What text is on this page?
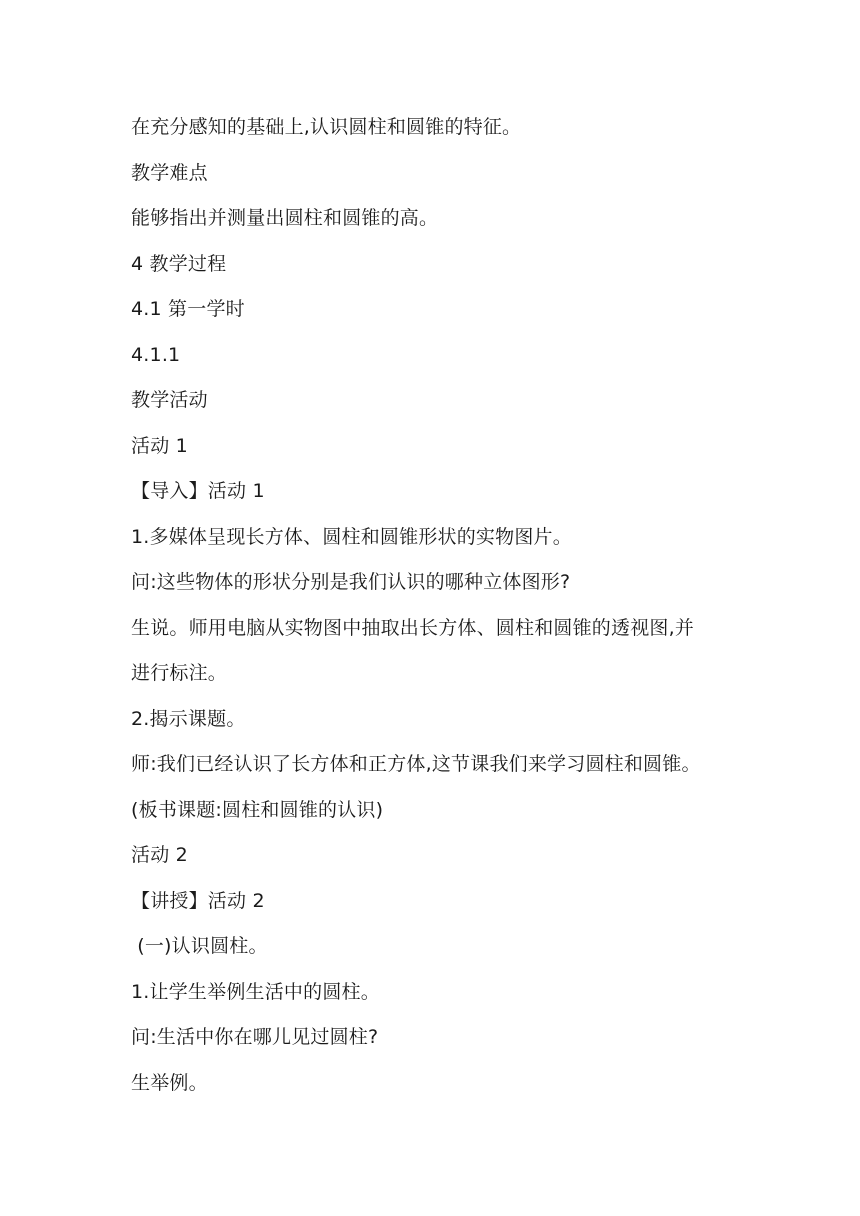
在充分感知的基础上,认识圆柱和圆锥的特征。
教学难点
能够指出并测量出圆柱和圆锥的高。
4 教学过程
4.1 第一学时
4.1.1
教学活动
活动 1
【导入】活动 1
1.多媒体呈现长方体、圆柱和圆锥形状的实物图片。
问:这些物体的形状分别是我们认识的哪种立体图形?
生说。师用电脑从实物图中抽取出长方体、圆柱和圆锥的透视图,并
进行标注。
2.揭示课题。
师:我们已经认识了长方体和正方体,这节课我们来学习圆柱和圆锥。
(板书课题:圆柱和圆锥的认识)
活动 2
【讲授】活动 2
(一)认识圆柱。
1.让学生举例生活中的圆柱。
问:生活中你在哪儿见过圆柱?
生举例。
